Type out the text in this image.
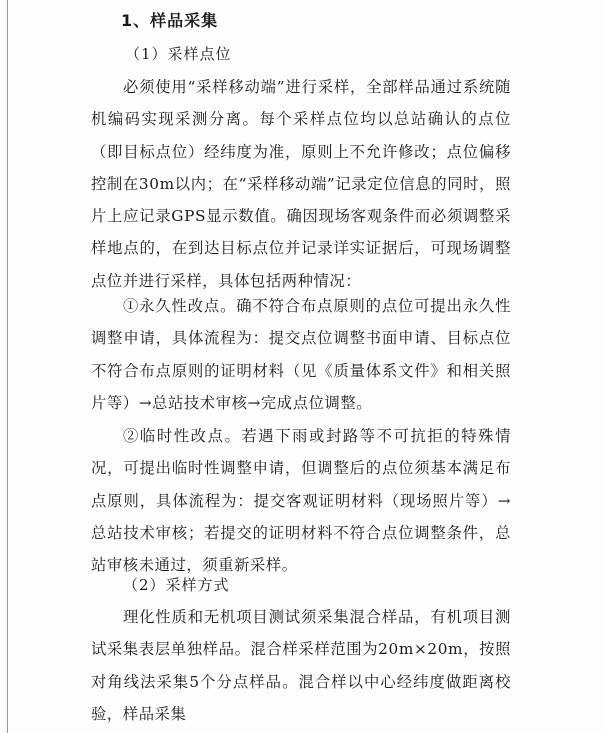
1、样品采集
（1）采样点位

必须使用“采样移动端”进行采样，全部样品通过系统随机编码实现采测分离。每个采样点位均以总站确认的点位（即目标点位）经纬度为准，原则上不允许修改；点位偏移控制在30m以内；在“采样移动端”记录定位信息的同时，照片上应记录GPS显示数值。确因现场客观条件而必须调整采样地点的，在到达目标点位并记录详实证据后，可现场调整点位并进行采样，具体包括两种情况：

①永久性改点。确不符合布点原则的点位可提出永久性调整申请，具体流程为：提交点位调整书面申请、目标点位不符合布点原则的证明材料（见《质量体系文件》和相关照片等）→总站技术审核→完成点位调整。

②临时性改点。若遇下雨或封路等不可抗拒的特殊情况，可提出临时性调整申请，但调整后的点位须基本满足布点原则，具体流程为：提交客观证明材料（现场照片等）→总站技术审核；若提交的证明材料不符合点位调整条件，总站审核未通过，须重新采样。

（2）采样方式

理化性质和无机项目测试须采集混合样品，有机项目测试采集表层单独样品。混合样采样范围为20m×20m，按照对角线法采集5个分点样品。混合样以中心经纬度做距离校验，样品采集
